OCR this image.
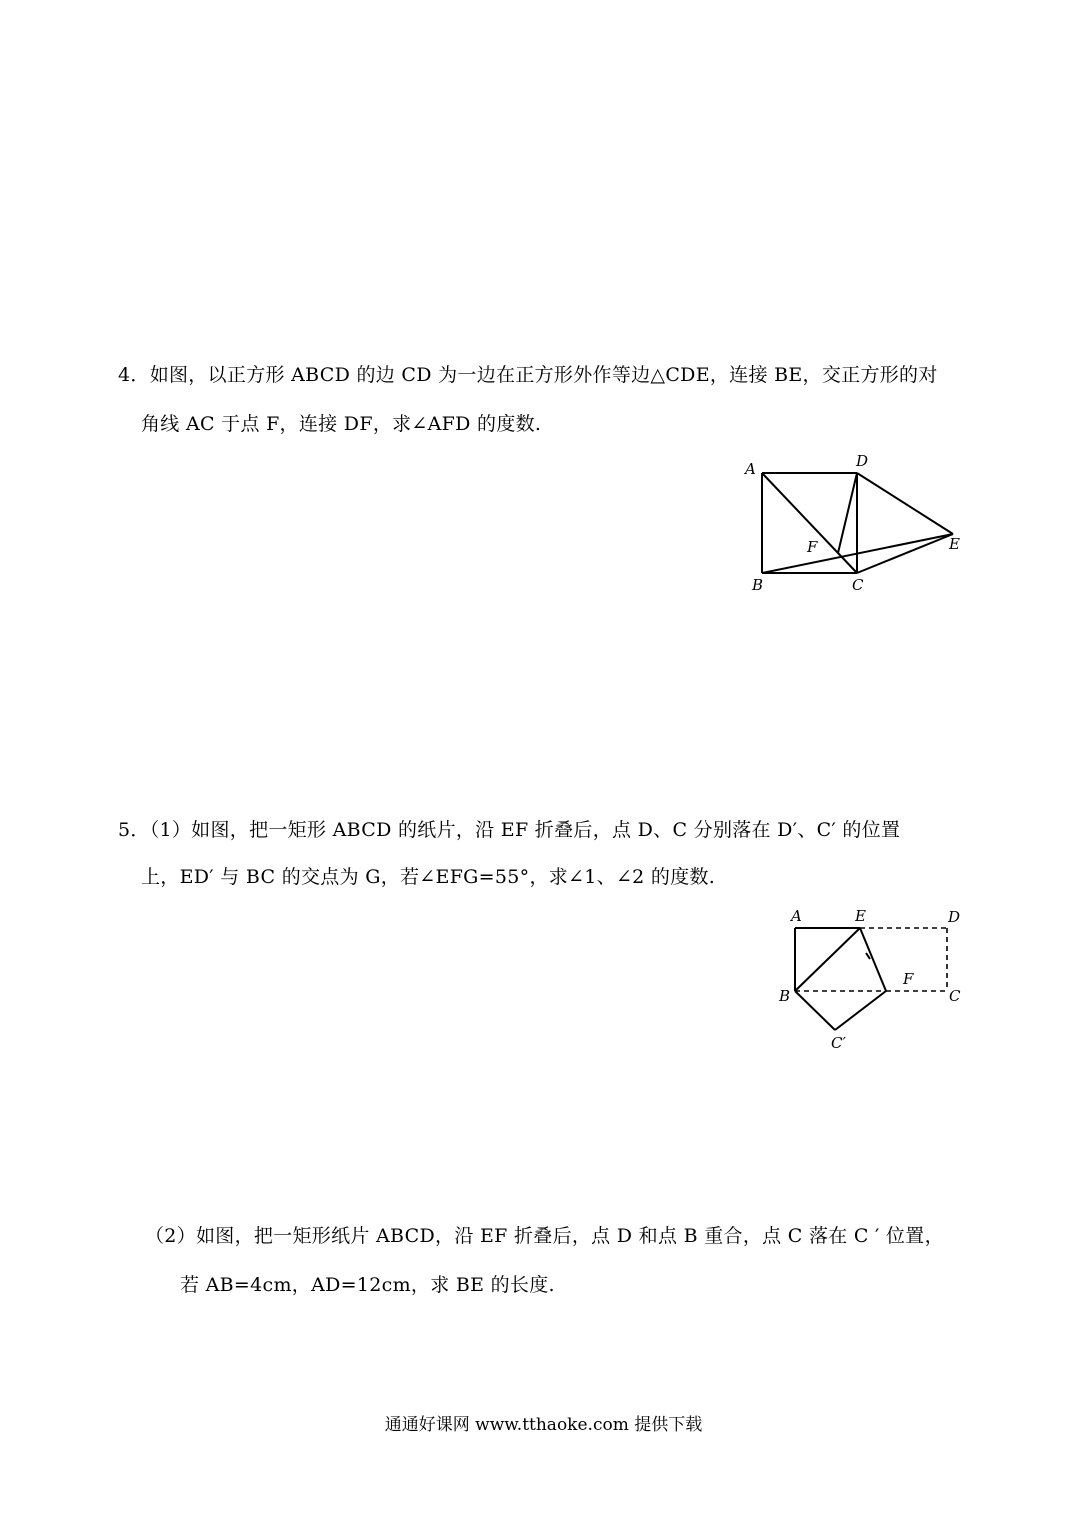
4．如图，以正方形 ABCD 的边 CD 为一边在正方形外作等边△CDE，连接 BE，交正方形的对
角线 AC 于点 F，连接 DF，求∠AFD 的度数.
A	D
E
F
B	C
5．（1）如图，把一矩形 ABCD 的纸片，沿 EF 折叠后，点 D、C 分别落在 D′、C′ 的位置
上，ED′ 与 BC 的交点为 G，若∠EFG=55°，求∠1、∠2 的度数.
A	E	D
B
F
C
C′
（2）如图，把一矩形纸片 ABCD，沿 EF 折叠后，点 D 和点 B 重合，点 C 落在 C ′ 位置，
若 AB=4cm，AD=12cm，求 BE 的长度.
通通好课网 www.tthaoke.com 提供下载
